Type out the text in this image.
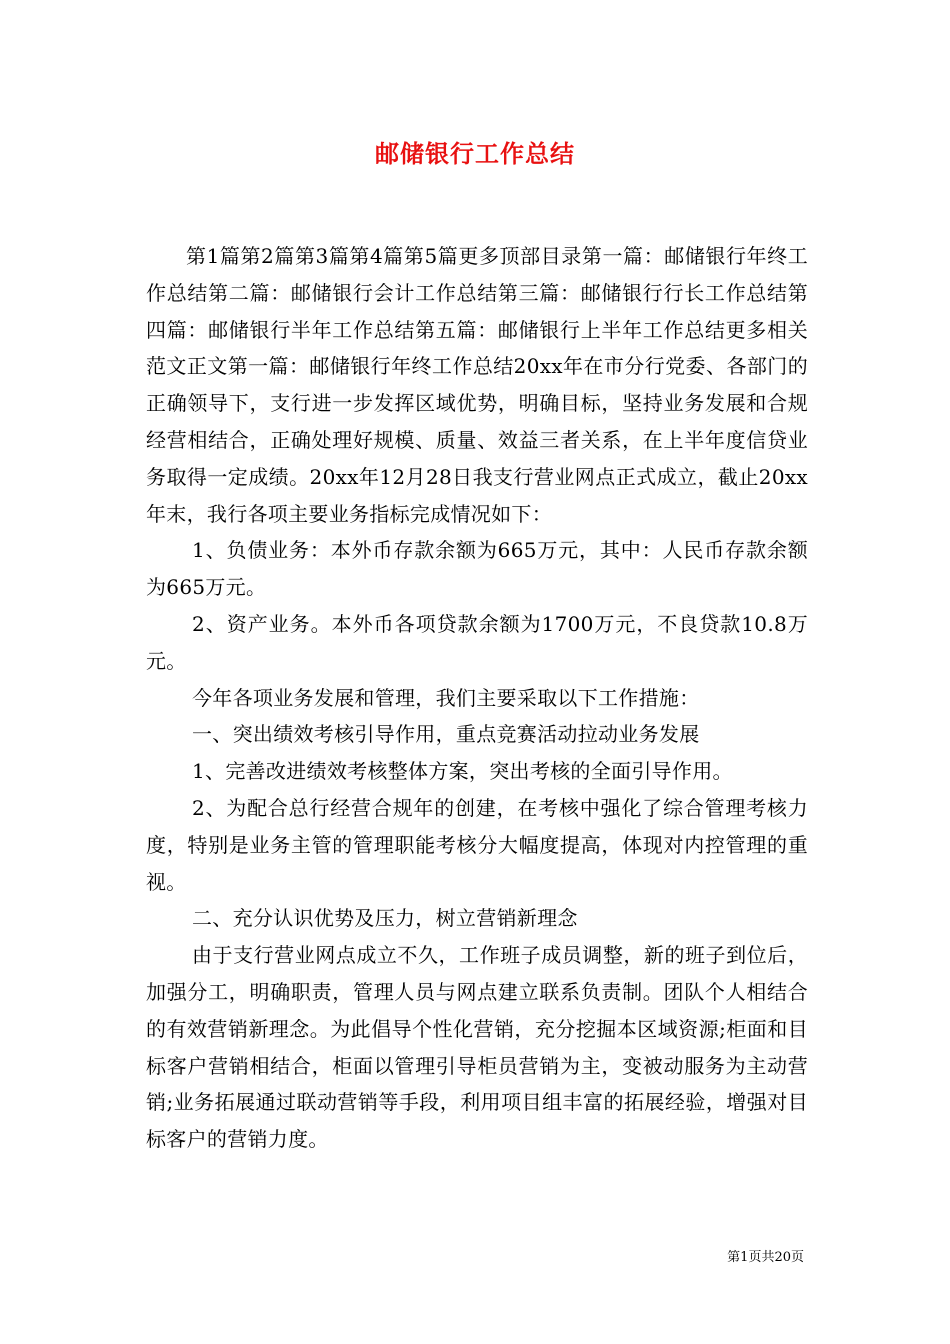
邮储银行工作总结

第1篇第2篇第3篇第4篇第5篇更多顶部目录第一篇：邮储银行年终工作总结第二篇：邮储银行会计工作总结第三篇：邮储银行行长工作总结第四篇：邮储银行半年工作总结第五篇：邮储银行上半年工作总结更多相关范文正文第一篇：邮储银行年终工作总结20xx年在市分行党委、各部门的正确领导下，支行进一步发挥区域优势，明确目标，坚持业务发展和合规经营相结合，正确处理好规模、质量、效益三者关系，在上半年度信贷业务取得一定成绩。20xx年12月28日我支行营业网点正式成立，截止20xx年末，我行各项主要业务指标完成情况如下：

1、负债业务：本外币存款余额为665万元，其中：人民币存款余额为665万元。

2、资产业务。本外币各项贷款余额为1700万元，不良贷款10.8万元。

今年各项业务发展和管理，我们主要采取以下工作措施：

一、突出绩效考核引导作用，重点竞赛活动拉动业务发展

1、完善改进绩效考核整体方案，突出考核的全面引导作用。

2、为配合总行经营合规年的创建，在考核中强化了综合管理考核力度，特别是业务主管的管理职能考核分大幅度提高，体现对内控管理的重视。

二、充分认识优势及压力，树立营销新理念

由于支行营业网点成立不久，工作班子成员调整，新的班子到位后，加强分工，明确职责，管理人员与网点建立联系负责制。团队个人相结合的有效营销新理念。为此倡导个性化营销，充分挖掘本区域资源;柜面和目标客户营销相结合，柜面以管理引导柜员营销为主，变被动服务为主动营销;业务拓展通过联动营销等手段，利用项目组丰富的拓展经验，增强对目标客户的营销力度。

第1页共20页
